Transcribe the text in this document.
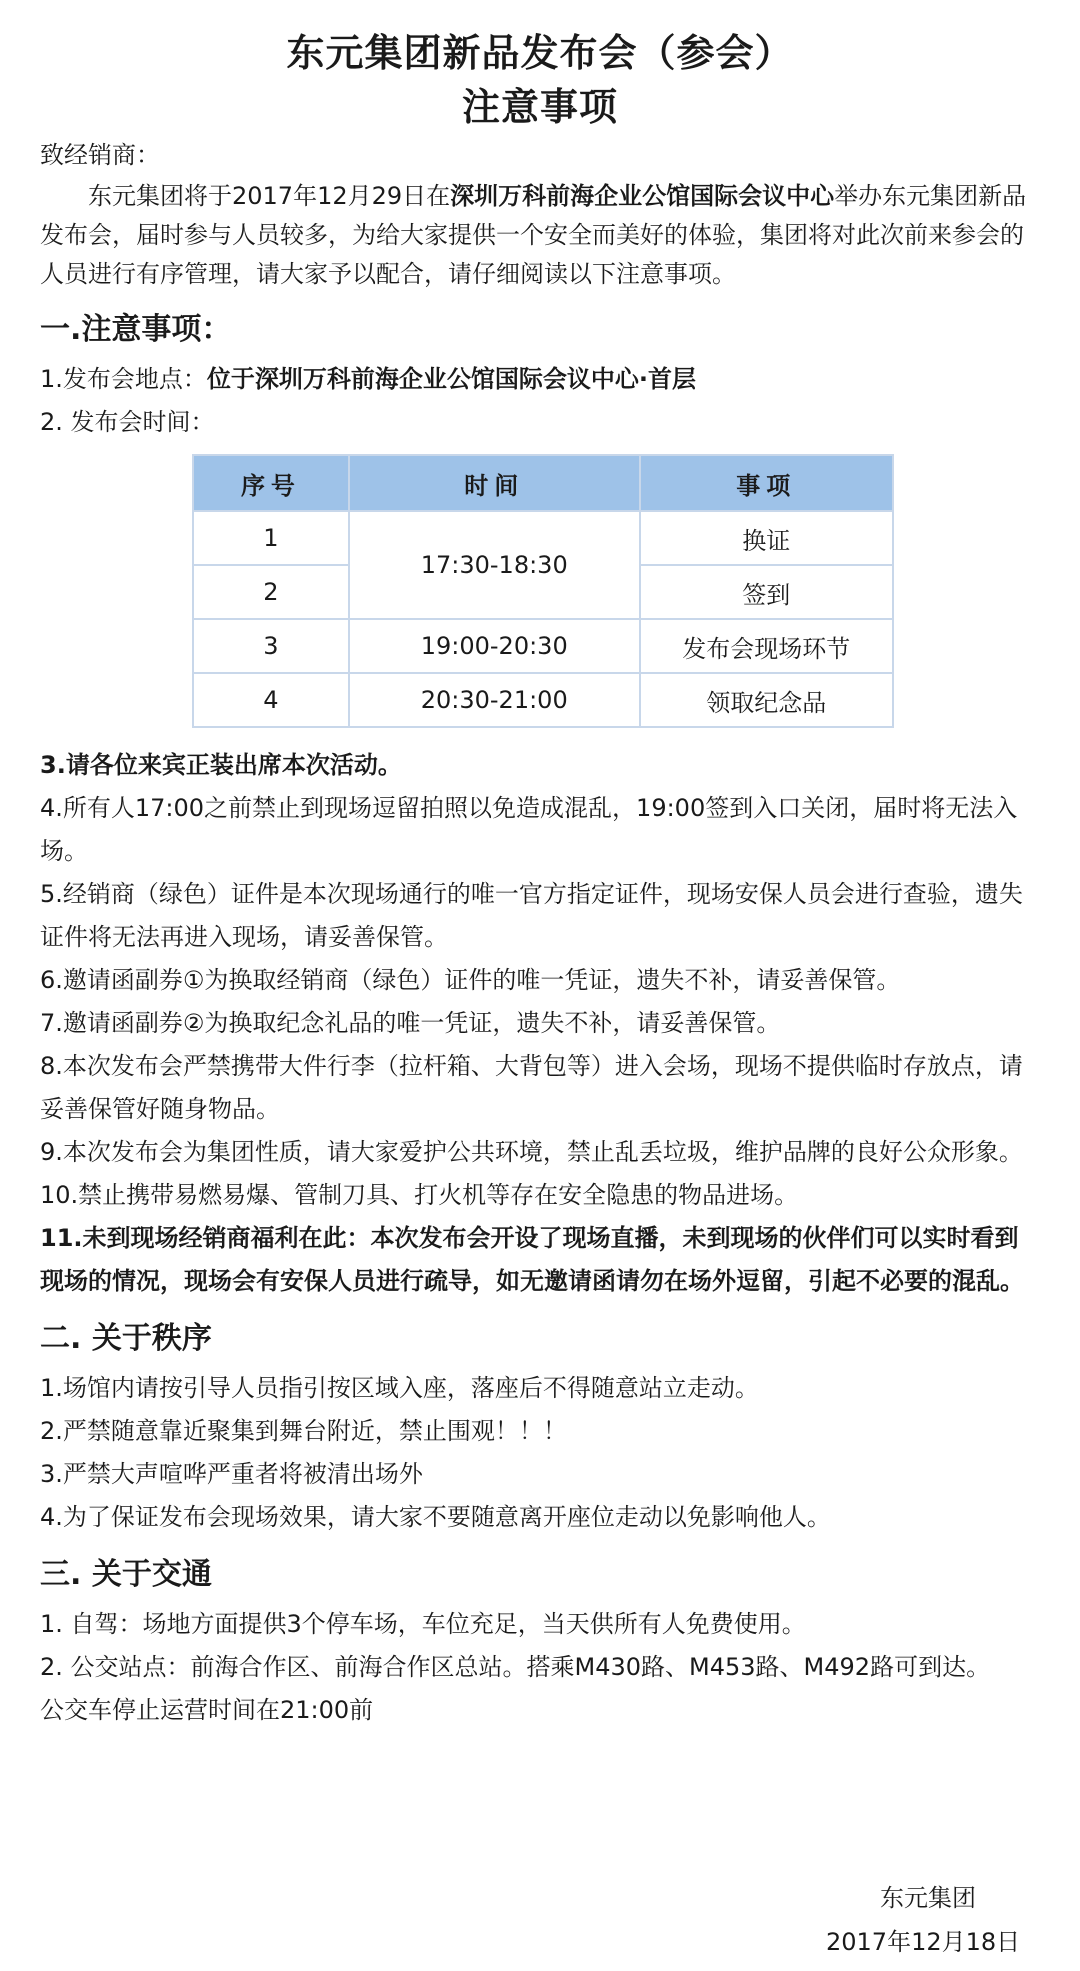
东元集团新品发布会（参会）
注意事项

致经销商：

东元集团将于2017年12月29日在深圳万科前海企业公馆国际会议中心举办东元集团新品发布会，届时参与人员较多，为给大家提供一个安全而美好的体验，集团将对此次前来参会的人员进行有序管理，请大家予以配合，请仔细阅读以下注意事项。

一.注意事项：

1.发布会地点：位于深圳万科前海企业公馆国际会议中心·首层

2. 发布会时间：

序号	时间	事项
1	17:30-18:30	换证
2		签到
3	19:00-20:30	发布会现场环节
4	20:30-21:00	领取纪念品

3.请各位来宾正装出席本次活动。

4.所有人17:00之前禁止到现场逗留拍照以免造成混乱，19:00签到入口关闭，届时将无法入场。

5.经销商（绿色）证件是本次现场通行的唯一官方指定证件，现场安保人员会进行查验，遗失证件将无法再进入现场，请妥善保管。

6.邀请函副券①为换取经销商（绿色）证件的唯一凭证，遗失不补，请妥善保管。

7.邀请函副券②为换取纪念礼品的唯一凭证，遗失不补，请妥善保管。

8.本次发布会严禁携带大件行李（拉杆箱、大背包等）进入会场，现场不提供临时存放点，请妥善保管好随身物品。

9.本次发布会为集团性质，请大家爱护公共环境，禁止乱丢垃圾，维护品牌的良好公众形象。

10.禁止携带易燃易爆、管制刀具、打火机等存在安全隐患的物品进场。

11.未到现场经销商福利在此：本次发布会开设了现场直播，未到现场的伙伴们可以实时看到现场的情况，现场会有安保人员进行疏导，如无邀请函请勿在场外逗留，引起不必要的混乱。

二. 关于秩序

1.场馆内请按引导人员指引按区域入座，落座后不得随意站立走动。

2.严禁随意靠近聚集到舞台附近，禁止围观！！！

3.严禁大声喧哗严重者将被清出场外

4.为了保证发布会现场效果，请大家不要随意离开座位走动以免影响他人。

三. 关于交通

1. 自驾：场地方面提供3个停车场，车位充足，当天供所有人免费使用。

2. 公交站点：前海合作区、前海合作区总站。搭乘M430路、M453路、M492路可到达。

公交车停止运营时间在21:00前

东元集团
2017年12月18日
